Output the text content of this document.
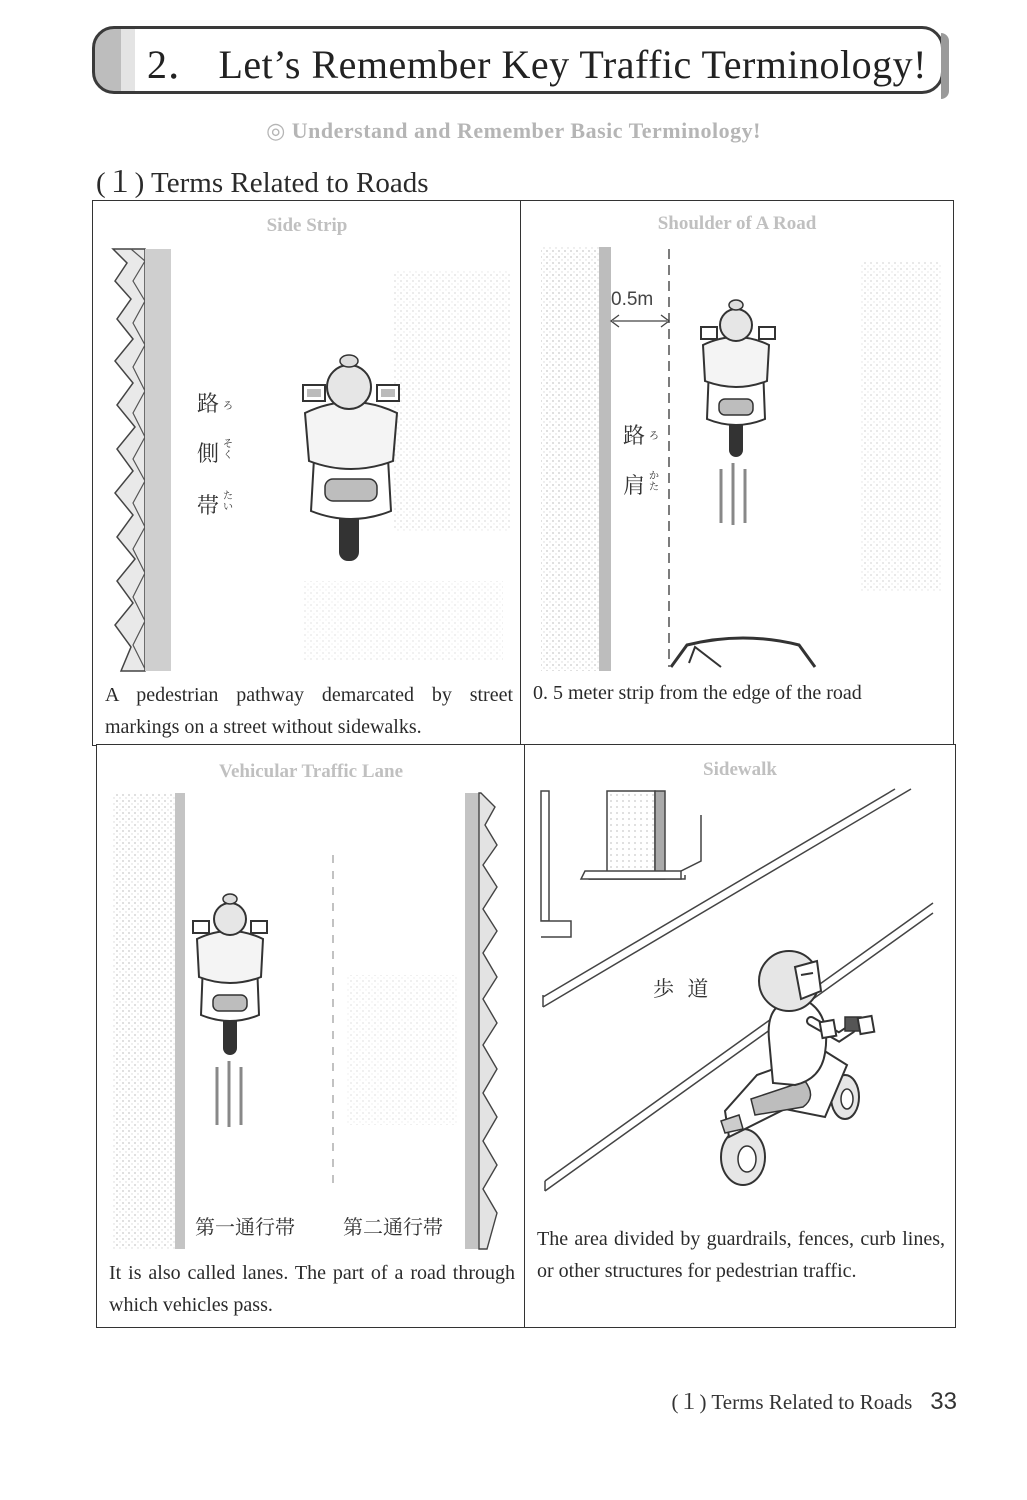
2． Let’s Remember Key Traffic Terminology!
◎ Understand and Remember Basic Terminology!
(１) Terms Related to Roads
Side Strip
路 ろ
側 そく
帯 たい
A pedestrian pathway demarcated by street markings on a street without sidewalks.
Shoulder of A Road
0.5m
路 ろ
肩 かた
0. 5 meter strip from the edge of the road
Vehicular Traffic Lane
第一通行帯 第二通行帯
It is also called lanes. The part of a road through which vehicles pass.
Sidewalk
歩  道
The area divided by guardrails, fences, curb lines, or other structures for pedestrian traffic.
(１) Terms Related to Roads 33
